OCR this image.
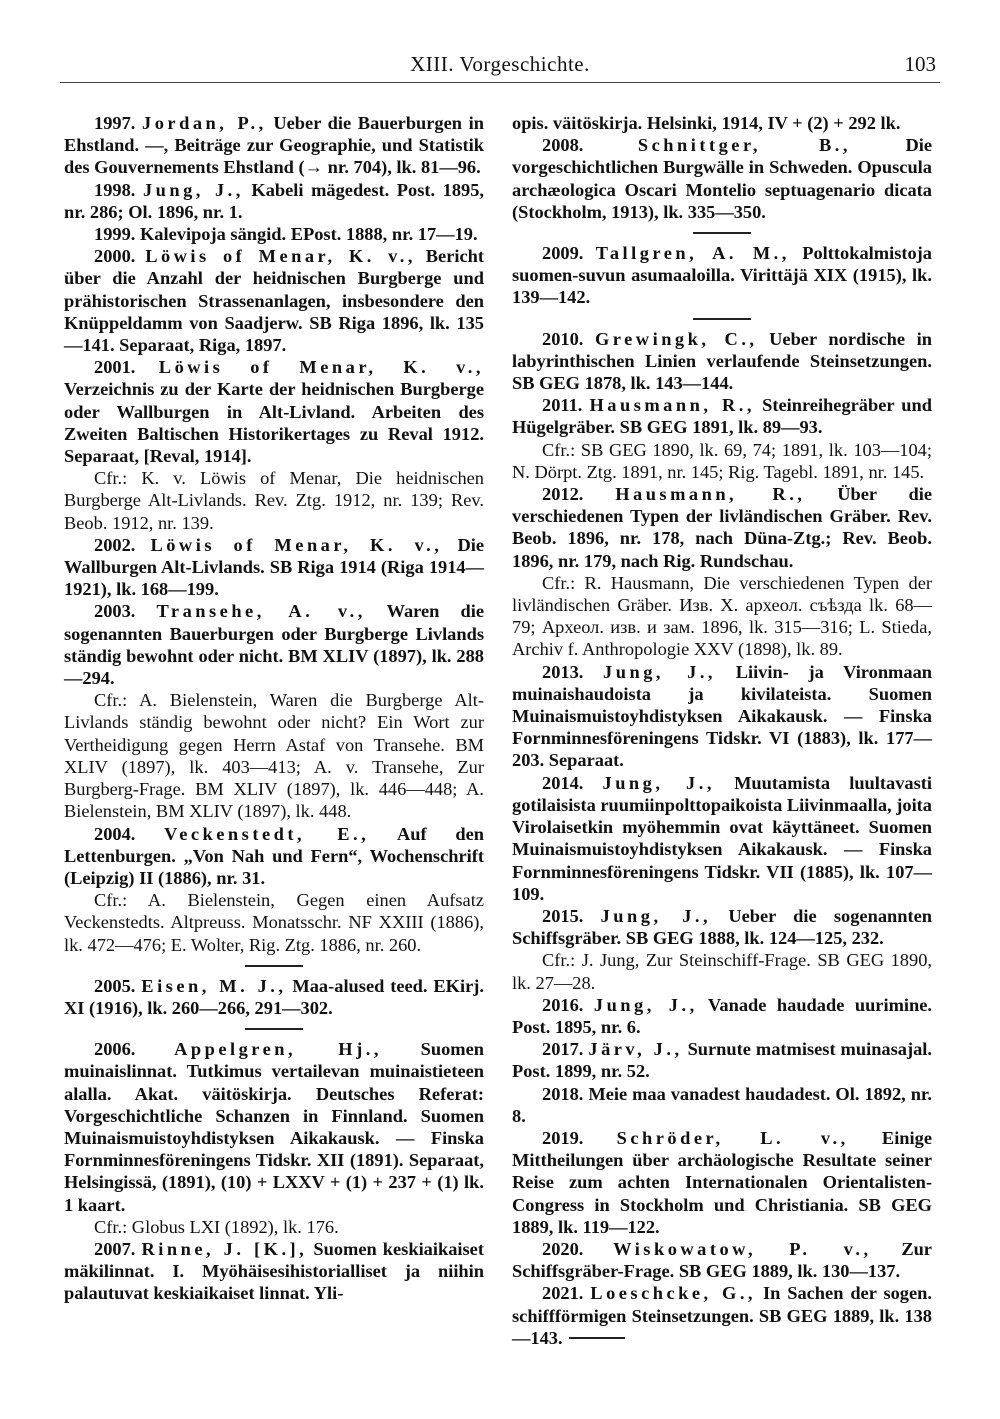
XIII. Vorgeschichte.	103

1997. Jordan, P., Ueber die Bauerburgen in Ehstland. —, Beiträge zur Geographie, und Statistik des Gouvernements Ehstland (→ nr. 704), lk. 81—96.

1998. Jung, J., Kabeli mägedest. Post. 1895, nr. 286; Ol. 1896, nr. 1.

1999. Kalevipoja sängid. EPost. 1888, nr. 17—19.

2000. Löwis of Menar, K. v., Bericht über die Anzahl der heidnischen Burgberge und prähistorischen Strassenanlagen, insbesondere den Knüppeldamm von Saadjerw. SB Riga 1896, lk. 135—141. Separaat, Riga, 1897.

2001. Löwis of Menar, K. v., Verzeichnis zu der Karte der heidnischen Burgberge oder Wallburgen in Alt-Livland. Arbeiten des Zweiten Baltischen Historikertages zu Reval 1912. Separaat, [Reval, 1914].

Cfr.: K. v. Löwis of Menar, Die heidnischen Burgberge Alt-Livlands. Rev. Ztg. 1912, nr. 139; Rev. Beob. 1912, nr. 139.

2002. Löwis of Menar, K. v., Die Wallburgen Alt-Livlands. SB Riga 1914 (Riga 1914—1921), lk. 168—199.

2003. Transehe, A. v., Waren die sogenannten Bauerburgen oder Burgberge Livlands ständig bewohnt oder nicht. BM XLIV (1897), lk. 288—294.

Cfr.: A. Bielenstein, Waren die Burgberge Alt-Livlands ständig bewohnt oder nicht? Ein Wort zur Vertheidigung gegen Herrn Astaf von Transehe. BM XLIV (1897), lk. 403—413; A. v. Transehe, Zur Burgberg-Frage. BM XLIV (1897), lk. 446—448; A. Bielenstein, BM XLIV (1897), lk. 448.

2004. Veckenstedt, E., Auf den Lettenburgen. „Von Nah und Fern“, Wochenschrift (Leipzig) II (1886), nr. 31.

Cfr.: A. Bielenstein, Gegen einen Aufsatz Veckenstedts. Altpreuss. Monatsschr. NF XXIII (1886), lk. 472—476; E. Wolter, Rig. Ztg. 1886, nr. 260.

2005. Eisen, M. J., Maa-alused teed. EKirj. XI (1916), lk. 260—266, 291—302.

2006. Appelgren, Hj., Suomen muinaislinnat. Tutkimus vertailevan muinaistieteen alalla. Akat. väitöskirja. Deutsches Referat: Vorgeschichtliche Schanzen in Finnland. Suomen Muinaismuistoyhdistyksen Aikakausk. — Finska Fornminnesföreningens Tidskr. XII (1891). Separaat, Helsingissä, (1891), (10) + LXXV + (1) + 237 + (1) lk. 1 kaart.

Cfr.: Globus LXI (1892), lk. 176.

2007. Rinne, J. [K.], Suomen keskiaikaiset mäkilinnat. I. Myöhäisesihistorialliset ja niihin palautuvat keskiaikaiset linnat. Yli-

opis. väitöskirja. Helsinki, 1914, IV + (2) + 292 lk.

2008.	Schnittger, B.,	Die vorgeschichtlichen Burgwälle in Schweden. Opuscula archæologica Oscari Montelio septuagenario dicata (Stockholm, 1913), lk. 335—350.

2009. Tallgren, A. M., Polttokalmistoja suomen-suvun asumaaloilla. Virittäjä XIX (1915), lk. 139—142.

2010. Grewingk, C., Ueber nordische in labyrinthischen Linien verlaufende Steinsetzungen. SB GEG 1878, lk. 143—144.

2011. Hausmann, R., Steinreihegräber und Hügelgräber. SB GEG 1891, lk. 89—93.

Cfr.: SB GEG 1890, lk. 69, 74; 1891, lk. 103—104; N. Dörpt. Ztg. 1891, nr. 145; Rig. Tagebl. 1891, nr. 145.

2012. Hausmann, R., Über die verschiedenen Typen der livländischen Gräber. Rev. Beob. 1896, nr. 178, nach Düna-Ztg.; Rev. Beob. 1896, nr. 179, nach Rig. Rundschau.

Cfr.: R. Hausmann, Die verschiedenen Typen der livländischen Gräber. Изв. X. археол. съѣзда lk. 68—79; Археол. изв. и зам. 1896, lk. 315—316; L. Stieda, Archiv f. Anthropologie XXV (1898), lk. 89.

2013. Jung, J., Liivin- ja Vironmaan muinaishaudoista ja kivilateista. Suomen Muinaismuistoyhdistyksen Aikakausk. — Finska Fornminnesföreningens Tidskr. VI (1883), lk. 177—203. Separaat.

2014. Jung, J., Muutamista luultavasti gotilaisista ruumiinpolttopaikoista Liivinmaalla, joita Virolaisetkin myöhemmin ovat käyttäneet. Suomen Muinaismuistoyhdistyksen Aikakausk. — Finska Fornminnesföreningens Tidskr. VII (1885), lk. 107—109.

2015. Jung, J., Ueber die sogenannten Schiffsgräber. SB GEG 1888, lk. 124—125, 232.

Cfr.: J. Jung, Zur Steinschiff-Frage. SB GEG 1890, lk. 27—28.

2016. Jung, J., Vanade haudade uurimine. Post. 1895, nr. 6.

2017. Järv, J., Surnute matmisest muinasajal. Post. 1899, nr. 52.

2018. Meie maa vanadest haudadest. Ol. 1892, nr. 8.

2019. Schröder, L. v., Einige Mittheilungen über archäologische Resultate seiner Reise zum achten Internationalen Orientalisten-Congress in Stockholm und Christiania. SB GEG 1889, lk. 119—122.

2020. Wiskowatow, P. v., Zur Schiffsgräber-Frage. SB GEG 1889, lk. 130—137.

2021. Loeschcke, G., In Sachen der sogen. schiffförmigen Steinsetzungen. SB GEG 1889, lk. 138—143.
